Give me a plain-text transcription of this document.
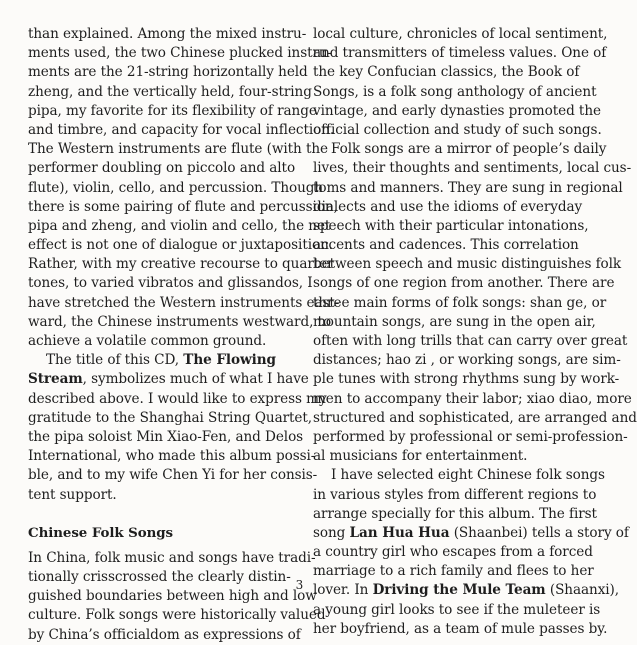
than explained. Among the mixed instru-
ments used, the two Chinese plucked instru-
ments are the 21-string horizontally held
zheng, and the vertically held, four-string
pipa, my favorite for its flexibility of range
and timbre, and capacity for vocal inflection.
The Western instruments are flute (with the
performer doubling on piccolo and alto
flute), violin, cello, and percussion. Though
there is some pairing of flute and percussion,
pipa and zheng, and violin and cello, the net
effect is not one of dialogue or juxtaposition.
Rather, with my creative recourse to quarter
tones, to varied vibratos and glissandos, I
have stretched the Western instruments east-
ward, the Chinese instruments westward, to
achieve a volatile common ground.
The title of this CD, The Flowing
Stream, symbolizes much of what I have
described above. I would like to express my
gratitude to the Shanghai String Quartet,
the pipa soloist Min Xiao-Fen, and Delos
International, who made this album possi-
ble, and to my wife Chen Yi for her consis-
tent support.
Chinese Folk Songs
In China, folk music and songs have tradi-
tionally crisscrossed the clearly distin-
guished boundaries between high and low
culture. Folk songs were historically valued
by China’s officialdom as expressions of
local culture, chronicles of local sentiment,
and transmitters of timeless values. One of
the key Confucian classics, the Book of
Songs, is a folk song anthology of ancient
vintage, and early dynasties promoted the
official collection and study of such songs.
Folk songs are a mirror of people’s daily
lives, their thoughts and sentiments, local cus-
toms and manners. They are sung in regional
dialects and use the idioms of everyday
speech with their particular intonations,
accents and cadences. This correlation
between speech and music distinguishes folk
songs of one region from another. There are
three main forms of folk songs: shan ge, or
mountain songs, are sung in the open air,
often with long trills that can carry over great
distances; hao zi , or working songs, are sim-
ple tunes with strong rhythms sung by work-
men to accompany their labor; xiao diao, more
structured and sophisticated, are arranged and
performed by professional or semi-profession-
al musicians for entertainment.
I have selected eight Chinese folk songs
in various styles from different regions to
arrange specially for this album. The first
song Lan Hua Hua (Shaanbei) tells a story of
a country girl who escapes from a forced
marriage to a rich family and flees to her
lover. In Driving the Mule Team (Shaanxi),
a young girl looks to see if the muleteer is
her boyfriend, as a team of mule passes by.
3
